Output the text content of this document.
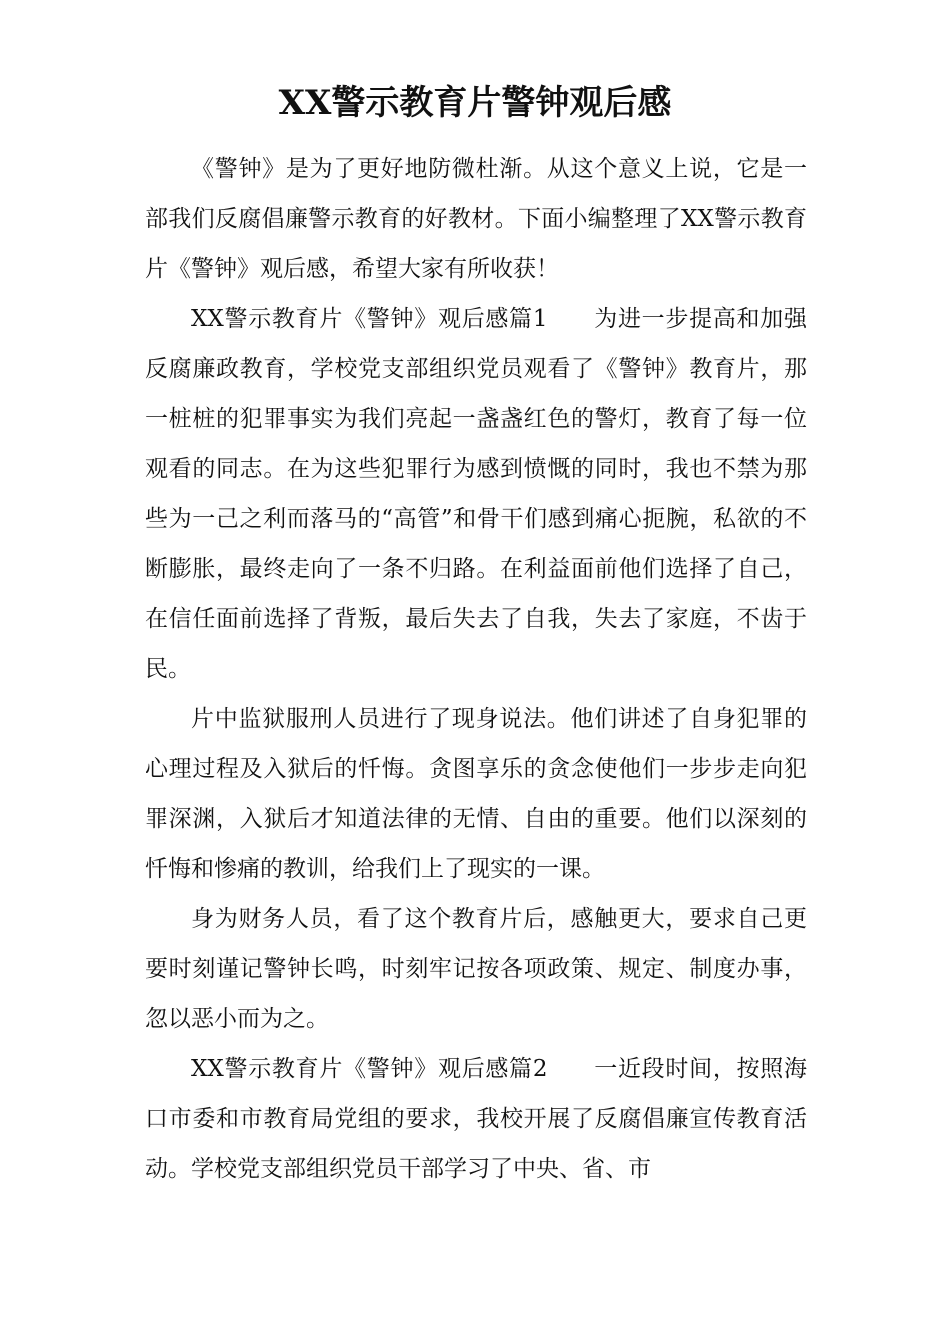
XX警示教育片警钟观后感

《警钟》是为了更好地防微杜渐。从这个意义上说，它是一部我们反腐倡廉警示教育的好教材。下面小编整理了XX警示教育片《警钟》观后感，希望大家有所收获！

XX警示教育片《警钟》观后感篇1 为进一步提高和加强反腐廉政教育，学校党支部组织党员观看了《警钟》教育片，那一桩桩的犯罪事实为我们亮起一盏盏红色的警灯，教育了每一位观看的同志。在为这些犯罪行为感到愤慨的同时，我也不禁为那些为一己之利而落马的“高管”和骨干们感到痛心扼腕，私欲的不断膨胀，最终走向了一条不归路。在利益面前他们选择了自己，在信任面前选择了背叛，最后失去了自我，失去了家庭，不齿于民。

片中监狱服刑人员进行了现身说法。他们讲述了自身犯罪的心理过程及入狱后的忏悔。贪图享乐的贪念使他们一步步走向犯罪深渊，入狱后才知道法律的无情、自由的重要。他们以深刻的忏悔和惨痛的教训，给我们上了现实的一课。

身为财务人员，看了这个教育片后，感触更大，要求自己更要时刻谨记警钟长鸣，时刻牢记按各项政策、规定、制度办事，忽以恶小而为之。

XX警示教育片《警钟》观后感篇2 一近段时间，按照海口市委和市教育局党组的要求，我校开展了反腐倡廉宣传教育活动。学校党支部组织党员干部学习了中央、省、市
